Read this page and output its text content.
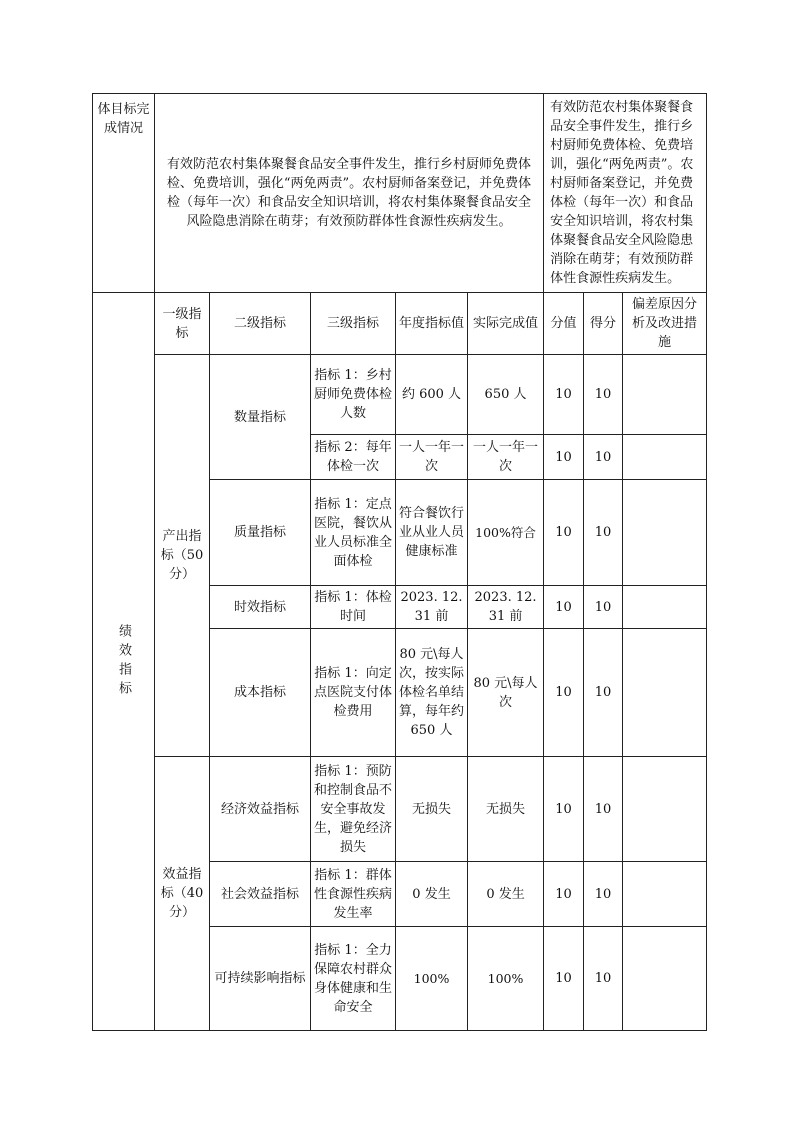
体目标完成情况	有效防范农村集体聚餐食品安全事件发生，推行乡村厨师免费体检、免费培训，强化“两免两责”。农村厨师备案登记，并免费体检（每年一次）和食品安全知识培训，将农村集体聚餐食品安全风险隐患消除在萌芽；有效预防群体性食源性疾病发生。					有效防范农村集体聚餐食品安全事件发生，推行乡村厨师免费体检、免费培训，强化“两免两责”。农村厨师备案登记，并免费体检（每年一次）和食品安全知识培训，将农村集体聚餐食品安全风险隐患消除在萌芽；有效预防群体性食源性疾病发生。		
绩效指标	一级指标	二级指标	三级指标	年度指标值	实际完成值	分值	得分	偏差原因分析及改进措施
	产出指标（50分）	数量指标	指标 1：乡村厨师免费体检人数	约 600 人	650 人	10	10	
			指标 2：每年体检一次	一人一年一次	一人一年一次	10	10	
		质量指标	指标 1：定点医院，餐饮从业人员标准全面体检	符合餐饮行业从业人员健康标准	100%符合	10	10	
		时效指标	指标 1：体检时间	2023. 12. 31 前	2023. 12. 31 前	10	10	
		成本指标	指标 1：向定点医院支付体检费用	80 元\每人次，按实际体检名单结算，每年约 650 人	80 元\每人次	10	10	

	效益指标（40分）	经济效益指标	指标 1：预防和控制食品不安全事故发生，避免经济损失	无损失	无损失	10	10	
		社会效益指标	指标 1：群体性食源性疾病发生率	0 发生	0 发生	10	10	
		可持续影响指标	指标 1：全力保障农村群众身体健康和生命安全	100%	100%	10	10	
